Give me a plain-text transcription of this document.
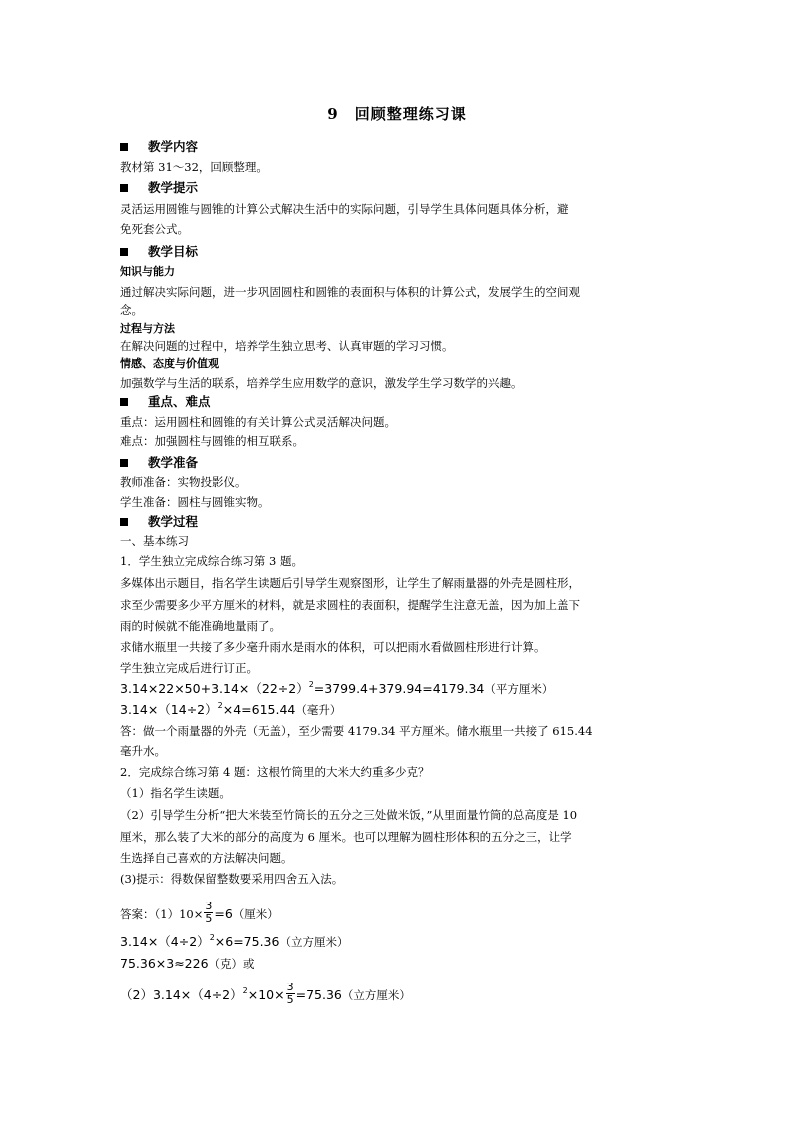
9　回顾整理练习课
教学内容
教材第 31～32，回顾整理。
教学提示
灵活运用圆锥与圆锥的计算公式解决生活中的实际问题，引导学生具体问题具体分析，避
免死套公式。
教学目标
知识与能力
通过解决实际问题，进一步巩固圆柱和圆锥的表面积与体积的计算公式，发展学生的空间观
念。
过程与方法
在解决问题的过程中，培养学生独立思考、认真审题的学习习惯。
情感、态度与价值观
加强数学与生活的联系，培养学生应用数学的意识，激发学生学习数学的兴趣。
重点、难点
重点：运用圆柱和圆锥的有关计算公式灵活解决问题。
难点：加强圆柱与圆锥的相互联系。
教学准备
教师准备：实物投影仪。
学生准备：圆柱与圆锥实物。
教学过程
一、基本练习
1．学生独立完成综合练习第 3 题。
多媒体出示题目，指名学生读题后引导学生观察图形，让学生了解雨量器的外壳是圆柱形，
求至少需要多少平方厘米的材料，就是求圆柱的表面积，提醒学生注意无盖，因为加上盖下
雨的时候就不能准确地量雨了。
求储水瓶里一共接了多少毫升雨水是雨水的体积，可以把雨水看做圆柱形进行计算。
学生独立完成后进行订正。
$3.14\times 22\times 50+3.14\times(22\div 2)^2=3799.4+379.94=4179.34$（平方厘米）
$3.14\times(14\div 2)^2\times 4=615.44$（毫升）
答：做一个雨量器的外壳（无盖），至少需要 4179.34 平方厘米。储水瓶里一共接了 615.44
毫升水。
2．完成综合练习第 4 题：这根竹筒里的大米大约重多少克？
（1）指名学生读题。
（2）引导学生分析“把大米装至竹筒长的五分之三处做米饭，”从里面量竹筒的总高度是 10
厘米，那么装了大米的部分的高度为 6 厘米。也可以理解为圆柱形体积的五分之三，让学
生选择自己喜欢的方法解决问题。
(3)提示：得数保留整数要采用四舍五入法。
答案：$(1)10\times \frac{3}{5} =6$（厘米）
$3.14\times(4\div 2)^2\times 6=75.36$（立方厘米）
75.36×3≈226（克）或
$(2)3.14\times(4\div 2)^2\times 10\times \frac{3}{5} =75.36$（立方厘米）
